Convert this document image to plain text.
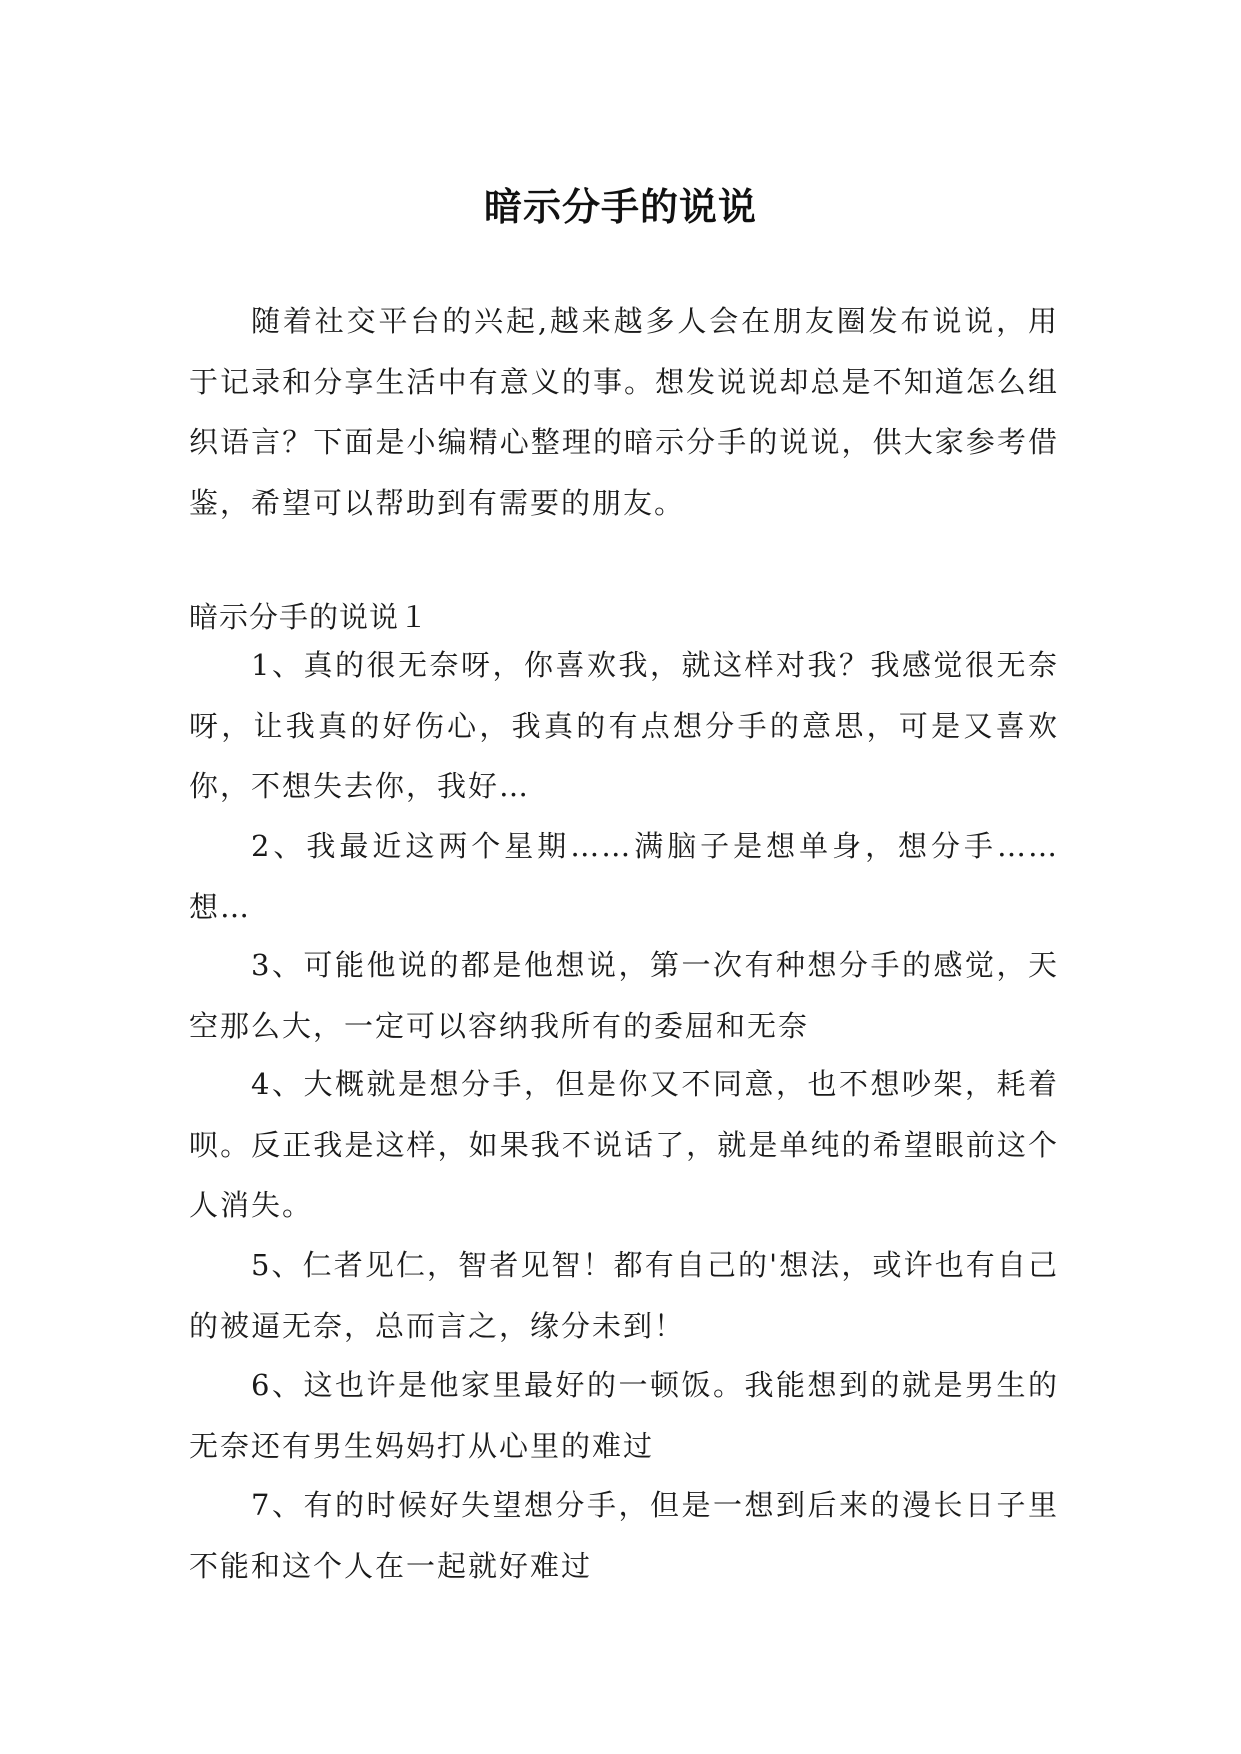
暗示分手的说说

随着社交平台的兴起,越来越多人会在朋友圈发布说说，用于记录和分享生活中有意义的事。想发说说却总是不知道怎么组织语言？下面是小编精心整理的暗示分手的说说，供大家参考借鉴，希望可以帮助到有需要的朋友。

暗示分手的说说１

1、真的很无奈呀，你喜欢我，就这样对我？我感觉很无奈呀，让我真的好伤心，我真的有点想分手的意思，可是又喜欢你，不想失去你，我好…

2、我最近这两个星期……满脑子是想单身，想分手……想…

3、可能他说的都是他想说，第一次有种想分手的感觉，天空那么大，一定可以容纳我所有的委屈和无奈

4、大概就是想分手，但是你又不同意，也不想吵架，耗着呗。反正我是这样，如果我不说话了，就是单纯的希望眼前这个人消失。

5、仁者见仁，智者见智！都有自己的'想法，或许也有自己的被逼无奈，总而言之，缘分未到！

6、这也许是他家里最好的一顿饭。我能想到的就是男生的无奈还有男生妈妈打从心里的难过

7、有的时候好失望想分手，但是一想到后来的漫长日子里不能和这个人在一起就好难过
